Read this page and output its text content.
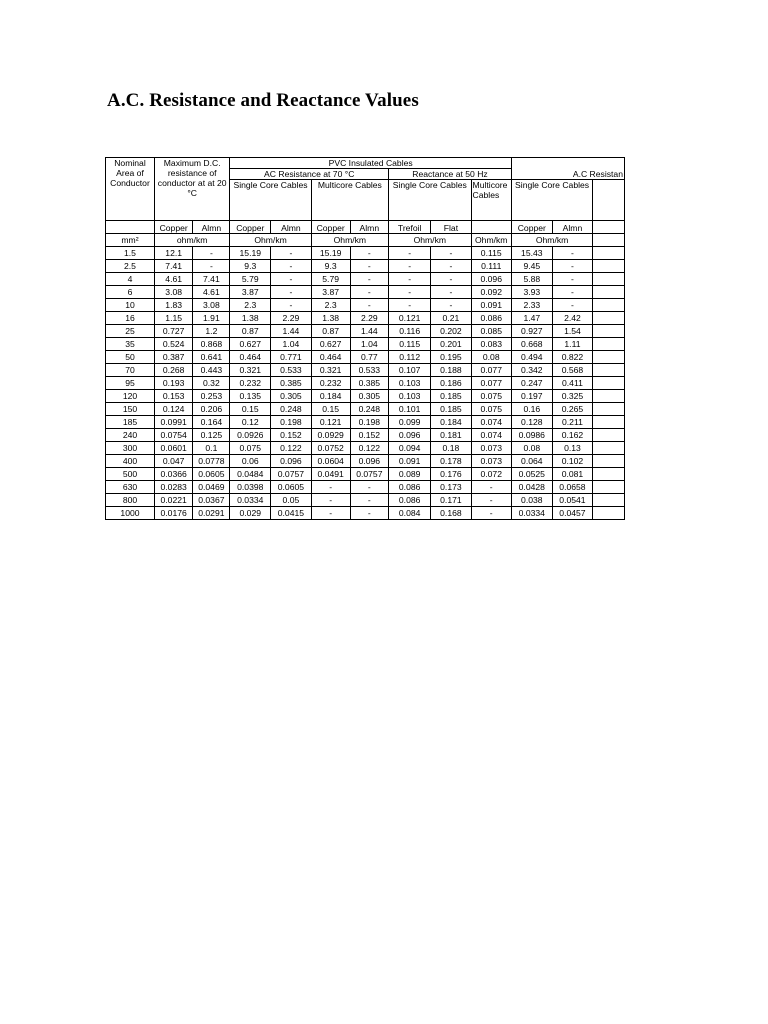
A.C. Resistance and Reactance Values
Nominal Area of Conductor	Maximum D.C. resistance of conductor at at 20 °C		PVC Insulated Cables									
			AC Resistance at 70 °C				Reactance at 50 Hz			A.C Resistan		
			Single Core Cables		Multicore Cables		Single Core Cables		Multicore Cables	Single Core Cables		
	Copper	Almn	Copper	Almn	Copper	Almn	Trefoil	Flat		Copper	Almn	
mm²	ohm/km		Ohm/km		Ohm/km		Ohm/km		Ohm/km	Ohm/km		
1.5	12.1	-	15.19	-	15.19	-	-	-	0.115	15.43	-	
2.5	7.41	-	9.3	-	9.3	-	-	-	0.111	9.45	-	
4	4.61	7.41	5.79	-	5.79	-	-	-	0.096	5.88	-	
6	3.08	4.61	3.87	-	3.87	-	-	-	0.092	3.93	-	
10	1.83	3.08	2.3	-	2.3	-	-	-	0.091	2.33	-	
16	1.15	1.91	1.38	2.29	1.38	2.29	0.121	0.21	0.086	1.47	2.42	
25	0.727	1.2	0.87	1.44	0.87	1.44	0.116	0.202	0.085	0.927	1.54	
35	0.524	0.868	0.627	1.04	0.627	1.04	0.115	0.201	0.083	0.668	1.11	
50	0.387	0.641	0.464	0.771	0.464	0.77	0.112	0.195	0.08	0.494	0.822	
70	0.268	0.443	0.321	0.533	0.321	0.533	0.107	0.188	0.077	0.342	0.568	
95	0.193	0.32	0.232	0.385	0.232	0.385	0.103	0.186	0.077	0.247	0.411	
120	0.153	0.253	0.135	0.305	0.184	0.305	0.103	0.185	0.075	0.197	0.325	
150	0.124	0.206	0.15	0.248	0.15	0.248	0.101	0.185	0.075	0.16	0.265	
185	0.0991	0.164	0.12	0.198	0.121	0.198	0.099	0.184	0.074	0.128	0.211	
240	0.0754	0.125	0.0926	0.152	0.0929	0.152	0.096	0.181	0.074	0.0986	0.162	
300	0.0601	0.1	0.075	0.122	0.0752	0.122	0.094	0.18	0.073	0.08	0.13	
400	0.047	0.0778	0.06	0.096	0.0604	0.096	0.091	0.178	0.073	0.064	0.102	
500	0.0366	0.0605	0.0484	0.0757	0.0491	0.0757	0.089	0.176	0.072	0.0525	0.081	
630	0.0283	0.0469	0.0398	0.0605	-	-	0.086	0.173	-	0.0428	0.0658	
800	0.0221	0.0367	0.0334	0.05	-	-	0.086	0.171	-	0.038	0.0541	
1000	0.0176	0.0291	0.029	0.0415	-	-	0.084	0.168	-	0.0334	0.0457	
